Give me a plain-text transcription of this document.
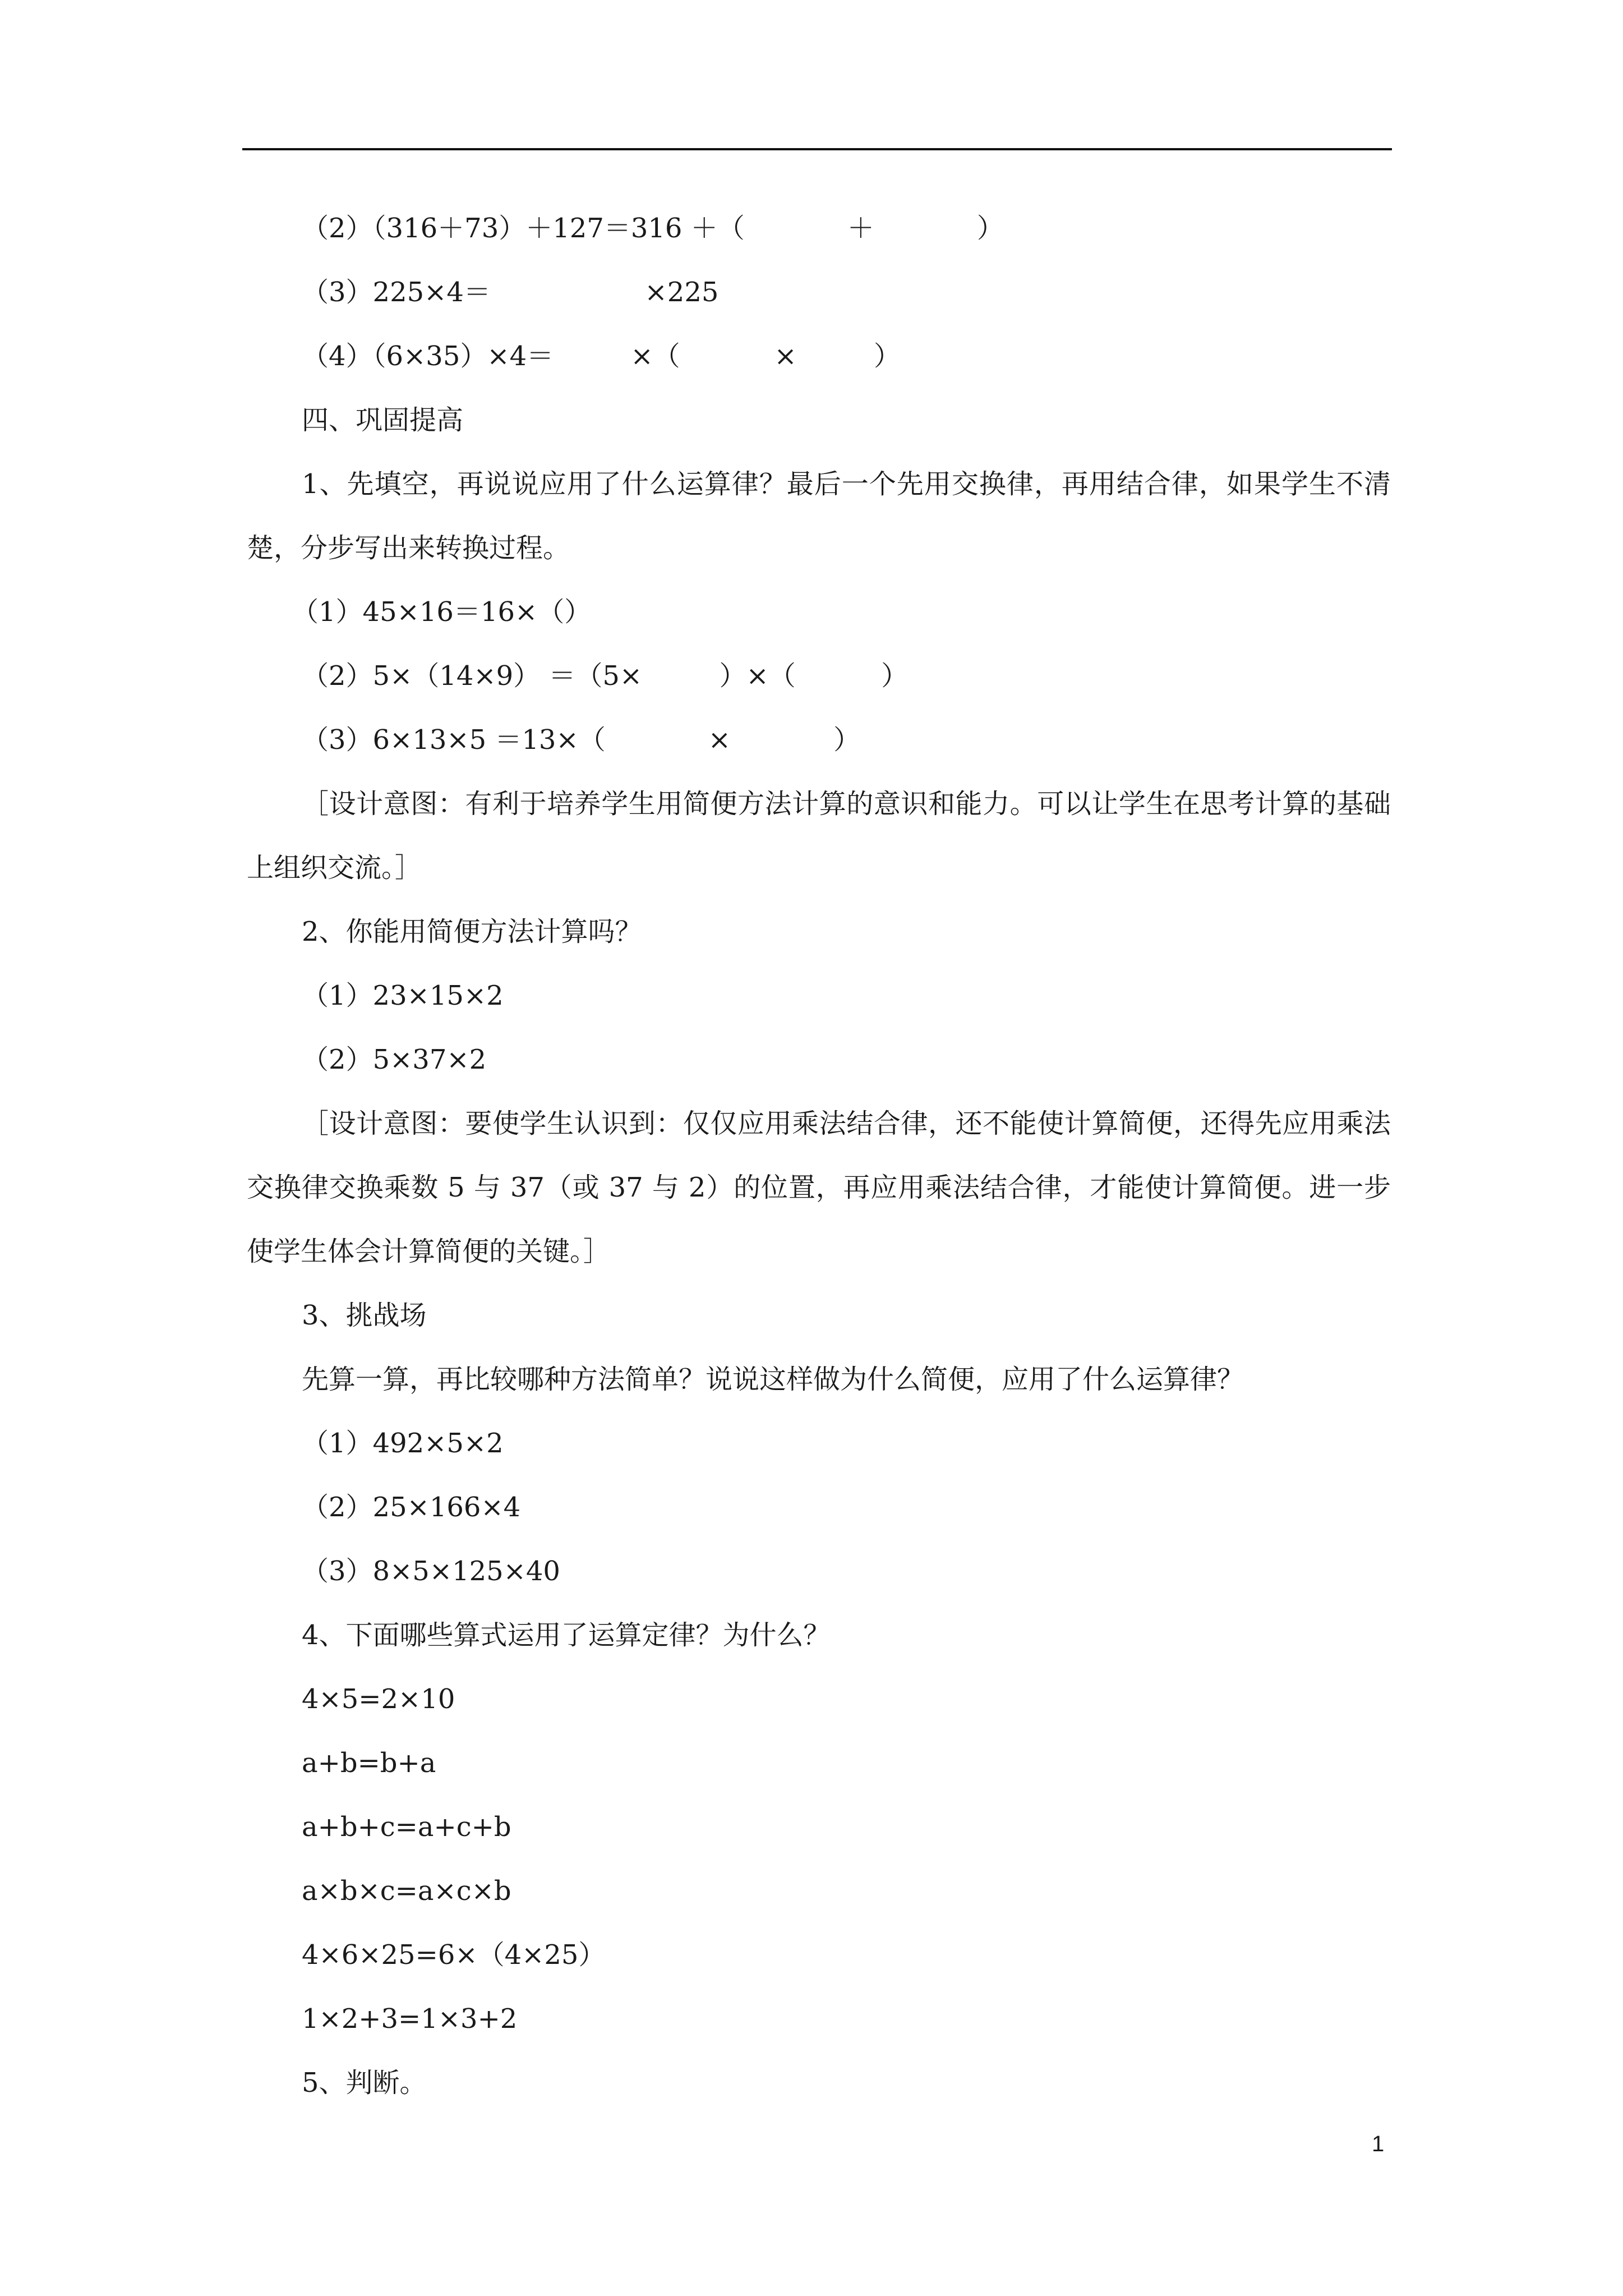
（2）（316＋73）＋127＝316 ＋（            ＋            ）

（3）225×4＝                  ×225

（4）（6×35）×4＝         ×（           ×         ）

四、巩固提高

1、先填空，再说说应用了什么运算律？最后一个先用交换律，再用结合律，如果学生不清楚，分步写出来转换过程。

（1）45×16＝16×（）

（2）5×（14×9） ＝（5×         ）×（          ）

（3）6×13×5 ＝13×（            ×            ）

［设计意图：有利于培养学生用简便方法计算的意识和能力。可以让学生在思考计算的基础上组织交流。］

2、你能用简便方法计算吗？

（1）23×15×2

（2）5×37×2

［设计意图：要使学生认识到：仅仅应用乘法结合律，还不能使计算简便，还得先应用乘法交换律交换乘数 5 与 37（或 37 与 2）的位置，再应用乘法结合律，才能使计算简便。进一步使学生体会计算简便的关键。］

3、挑战场

先算一算，再比较哪种方法简单？说说这样做为什么简便，应用了什么运算律？

（1）492×5×2

（2）25×166×4

（3）8×5×125×40

4、下面哪些算式运用了运算定律？为什么？

4×5=2×10

a+b=b+a

a+b+c=a+c+b

a×b×c=a×c×b

4×6×25=6×（4×25）

1×2+3=1×3+2

5、判断。

1
